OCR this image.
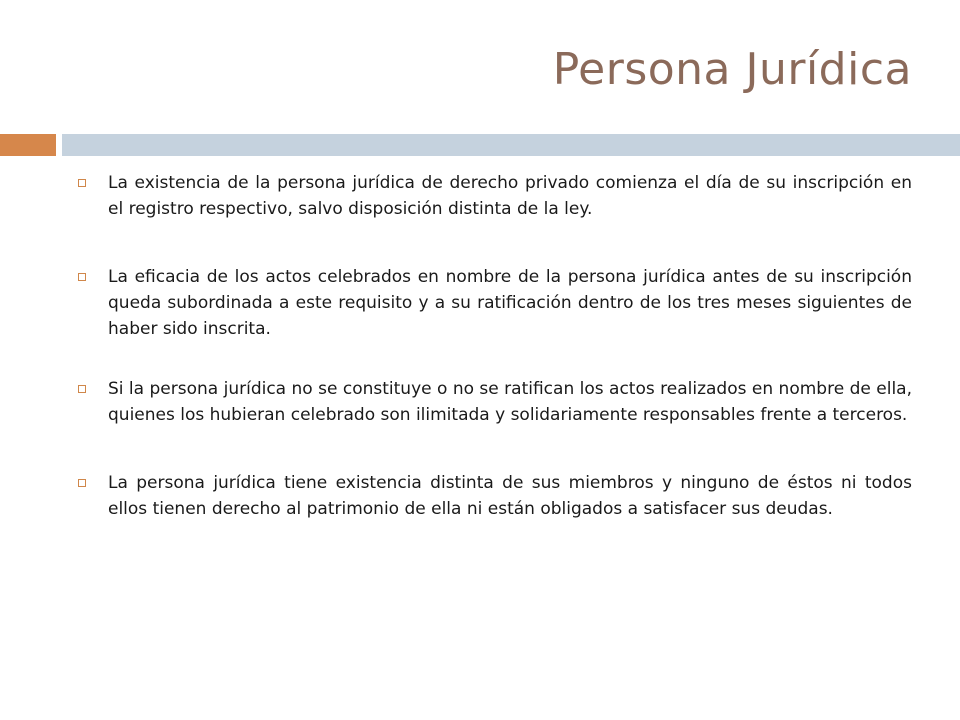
Persona Jurídica
La existencia de la persona jurídica de derecho privado comienza el día de su inscripción en el registro respectivo, salvo disposición distinta de la ley.
La eficacia de los actos celebrados en nombre de la persona jurídica antes de su inscripción queda subordinada a este requisito y a su ratificación dentro de los tres meses siguientes de haber sido inscrita.
Si la persona jurídica no se constituye o no se ratifican los actos realizados en nombre de ella, quienes los hubieran celebrado son ilimitada y solidariamente responsables frente a terceros.
La persona jurídica tiene existencia distinta de sus miembros y ninguno de éstos ni todos ellos tienen derecho al patrimonio de ella ni están obligados a satisfacer sus deudas.
